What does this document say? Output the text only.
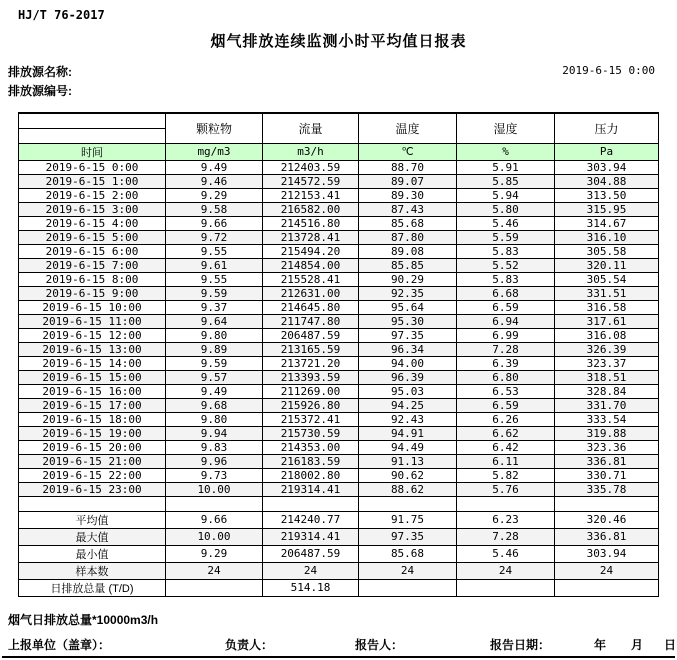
HJ/T 76-2017
烟气排放连续监测小时平均值日报表
排放源名称:
排放源编号:
2019-6-15 0:00
	颗粒物	流量	温度	湿度	压力

时间	mg/m3	m3/h	℃	%	Pa
2019-6-15 0:00	9.49	212403.59	88.70	5.91	303.94
2019-6-15 1:00	9.46	214572.59	89.07	5.85	304.88
2019-6-15 2:00	9.29	212153.41	89.30	5.94	313.50
2019-6-15 3:00	9.58	216582.00	87.43	5.80	315.95
2019-6-15 4:00	9.66	214516.80	85.68	5.46	314.67
2019-6-15 5:00	9.72	213728.41	87.80	5.59	316.10
2019-6-15 6:00	9.55	215494.20	89.08	5.83	305.58
2019-6-15 7:00	9.61	214854.00	85.85	5.52	320.11
2019-6-15 8:00	9.55	215528.41	90.29	5.83	305.54
2019-6-15 9:00	9.59	212631.00	92.35	6.68	331.51
2019-6-15 10:00	9.37	214645.80	95.64	6.59	316.58
2019-6-15 11:00	9.64	211747.80	95.30	6.94	317.61
2019-6-15 12:00	9.80	206487.59	97.35	6.99	316.08
2019-6-15 13:00	9.89	213165.59	96.34	7.28	326.39
2019-6-15 14:00	9.59	213721.20	94.00	6.39	323.37
2019-6-15 15:00	9.57	213393.59	96.39	6.80	318.51
2019-6-15 16:00	9.49	211269.00	95.03	6.53	328.84
2019-6-15 17:00	9.68	215926.80	94.25	6.59	331.70
2019-6-15 18:00	9.80	215372.41	92.43	6.26	333.54
2019-6-15 19:00	9.94	215730.59	94.91	6.62	319.88
2019-6-15 20:00	9.83	214353.00	94.49	6.42	323.36
2019-6-15 21:00	9.96	216183.59	91.13	6.11	336.81
2019-6-15 22:00	9.73	218002.80	90.62	5.82	330.71
2019-6-15 23:00	10.00	219314.41	88.62	5.76	335.78

平均值	9.66	214240.77	91.75	6.23	320.46
最大值	10.00	219314.41	97.35	7.28	336.81
最小值	9.29	206487.59	85.68	5.46	303.94
样本数	24	24	24	24	24
日排放总量 (T/D)		514.18			
烟气日排放总量*10000m3/h
上报单位（盖章）：	负责人：	报告人：	报告日期：	年 月 日
